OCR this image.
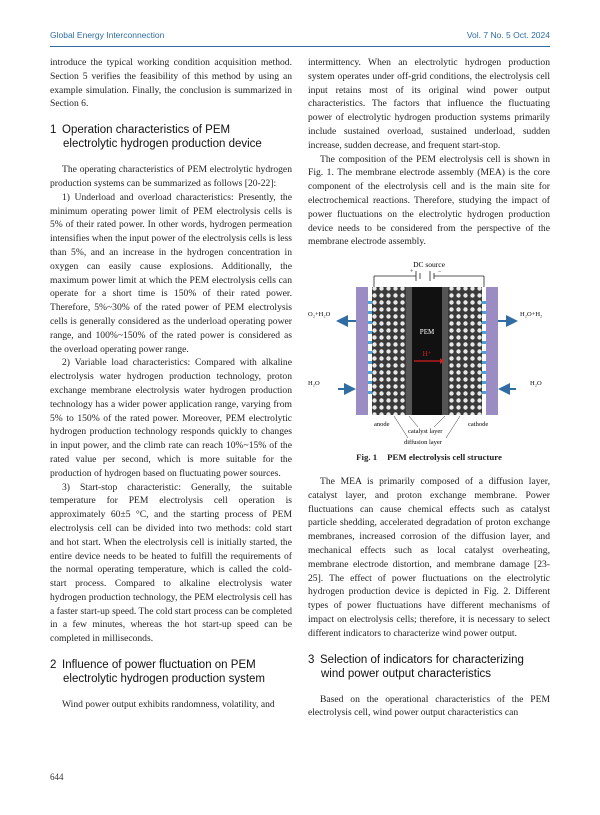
Global Energy Interconnection	Vol. 7 No. 5 Oct. 2024

introduce the typical working condition acquisition method. Section 5 verifies the feasibility of this method by using an example simulation. Finally, the conclusion is summarized in Section 6.

1 Operation characteristics of PEM
electrolytic hydrogen production device

The operating characteristics of PEM electrolytic hydrogen production systems can be summarized as follows [20-22]:

1) Underload and overload characteristics: Presently, the minimum operating power limit of PEM electrolysis cells is 5% of their rated power. In other words, hydrogen permeation intensifies when the input power of the electrolysis cells is less than 5%, and an increase in the hydrogen concentration in oxygen can easily cause explosions. Additionally, the maximum power limit at which the PEM electrolysis cells can operate for a short time is 150% of their rated power. Therefore, 5%~30% of the rated power of PEM electrolysis cells is generally considered as the underload operating power range, and 100%~150% of the rated power is considered as the overload operating power range.

2) Variable load characteristics: Compared with alkaline electrolysis water hydrogen production technology, proton exchange membrane electrolysis water hydrogen production technology has a wider power application range, varying from 5% to 150% of the rated power. Moreover, PEM electrolytic hydrogen production technology responds quickly to changes in input power, and the climb rate can reach 10%~15% of the rated value per second, which is more suitable for the production of hydrogen based on fluctuating power sources.

3) Start-stop characteristic: Generally, the suitable temperature for PEM electrolysis cell operation is approximately 60±5 °C, and the starting process of PEM electrolysis cell can be divided into two methods: cold start and hot start. When the electrolysis cell is initially started, the entire device needs to be heated to fulfill the requirements of the normal operating temperature, which is called the cold-start process. Compared to alkaline electrolysis water hydrogen production technology, the PEM electrolysis cell has a faster start-up speed. The cold start process can be completed in a few minutes, whereas the hot start-up speed can be completed in milliseconds.

2 Influence of power fluctuation on PEM
electrolytic hydrogen production system

Wind power output exhibits randomness, volatility, and

intermittency. When an electrolytic hydrogen production system operates under off-grid conditions, the electrolysis cell input retains most of its original wind power output characteristics. The factors that influence the fluctuating power of electrolytic hydrogen production systems primarily include sustained overload, sustained underload, sudden increase, sudden decrease, and frequent start-stop.

The composition of the PEM electrolysis cell is shown in Fig. 1. The membrane electrode assembly (MEA) is the core component of the electrolysis cell and is the main site for electrochemical reactions. Therefore, studying the impact of power fluctuations on the electrolytic hydrogen production device needs to be considered from the perspective of the membrane electrode assembly.

DC source
+	−
PEM
H⁺
O₂+H₂O
H₂O
H₂O+H₂
H₂O
anode	cathode
catalyst layer
diffusion layer
Fig. 1 PEM electrolysis cell structure

The MEA is primarily composed of a diffusion layer, catalyst layer, and proton exchange membrane. Power fluctuations can cause chemical effects such as catalyst particle shedding, accelerated degradation of proton exchange membranes, increased corrosion of the diffusion layer, and mechanical effects such as local catalyst overheating, membrane electrode distortion, and membrane damage [23-25]. The effect of power fluctuations on the electrolytic hydrogen production device is depicted in Fig. 2. Different types of power fluctuations have different mechanisms of impact on electrolysis cells; therefore, it is necessary to select different indicators to characterize wind power output.

3 Selection of indicators for characterizing
wind power output characteristics

Based on the operational characteristics of the PEM electrolysis cell, wind power output characteristics can

644
